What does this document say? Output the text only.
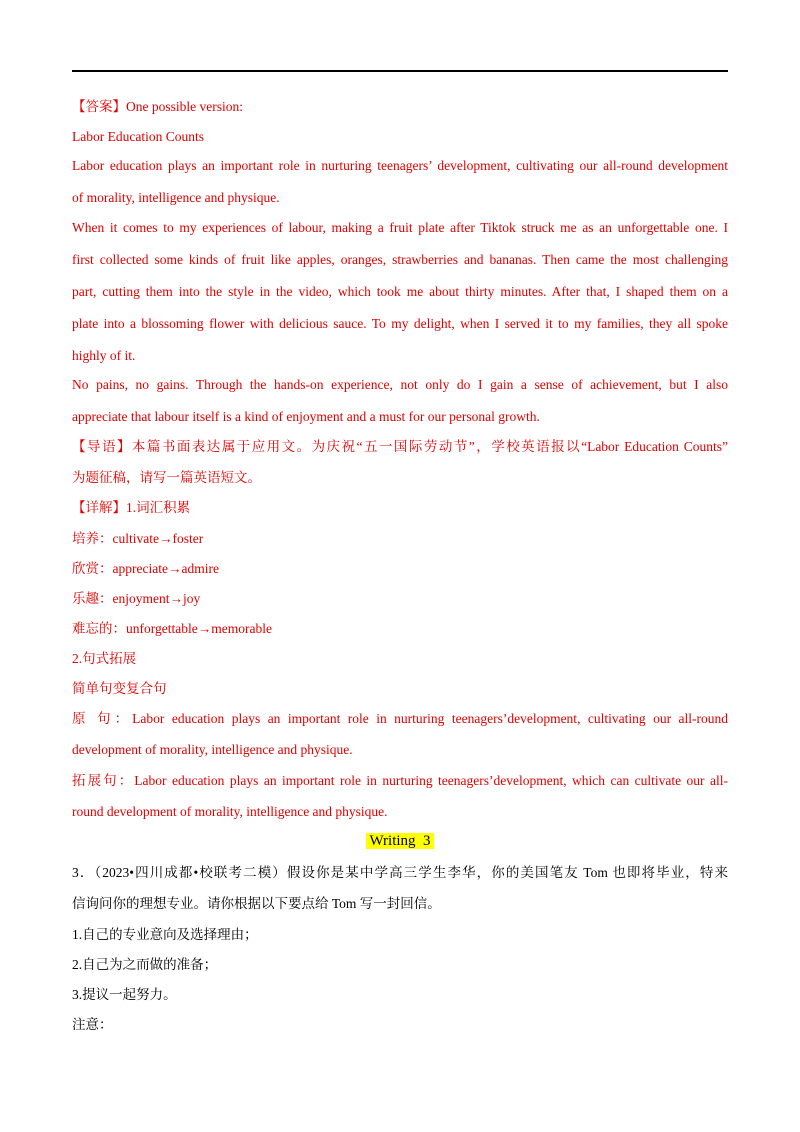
【答案】One possible version:
Labor Education Counts
Labor education plays an important role in nurturing teenagers’ development, cultivating our all-round development
of morality, intelligence and physique.
When it comes to my experiences of labour, making a fruit plate after Tiktok struck me as an unforgettable one. I
first collected some kinds of fruit like apples, oranges, strawberries and bananas. Then came the most challenging
part, cutting them into the style in the video, which took me about thirty minutes. After that, I shaped them on a
plate into a blossoming flower with delicious sauce. To my delight, when I served it to my families, they all spoke
highly of it.
No pains, no gains. Through the hands-on experience, not only do I gain a sense of achievement, but I also
appreciate that labour itself is a kind of enjoyment and a must for our personal growth.
【导语】本篇书面表达属于应用文。为庆祝“五一国际劳动节”，学校英语报以“Labor Education Counts”
为题征稿，请写一篇英语短文。
【详解】1.词汇积累
培养：cultivate→foster
欣赏：appreciate→admire
乐趣：enjoyment→joy
难忘的：unforgettable→memorable
2.句式拓展
简单句变复合句
原 句：Labor education plays an important role in nurturing teenagers’development, cultivating our all-round
development of morality, intelligence and physique.
拓展句：Labor education plays an important role in nurturing teenagers’development, which can cultivate our all-
round development of morality, intelligence and physique.
Writing  3
3．（2023•四川成都•校联考二模）假设你是某中学高三学生李华，你的美国笔友 Tom 也即将毕业，特来
信询问你的理想专业。请你根据以下要点给 Tom 写一封回信。
1.自己的专业意向及选择理由；
2.自己为之而做的准备；
3.提议一起努力。
注意：
